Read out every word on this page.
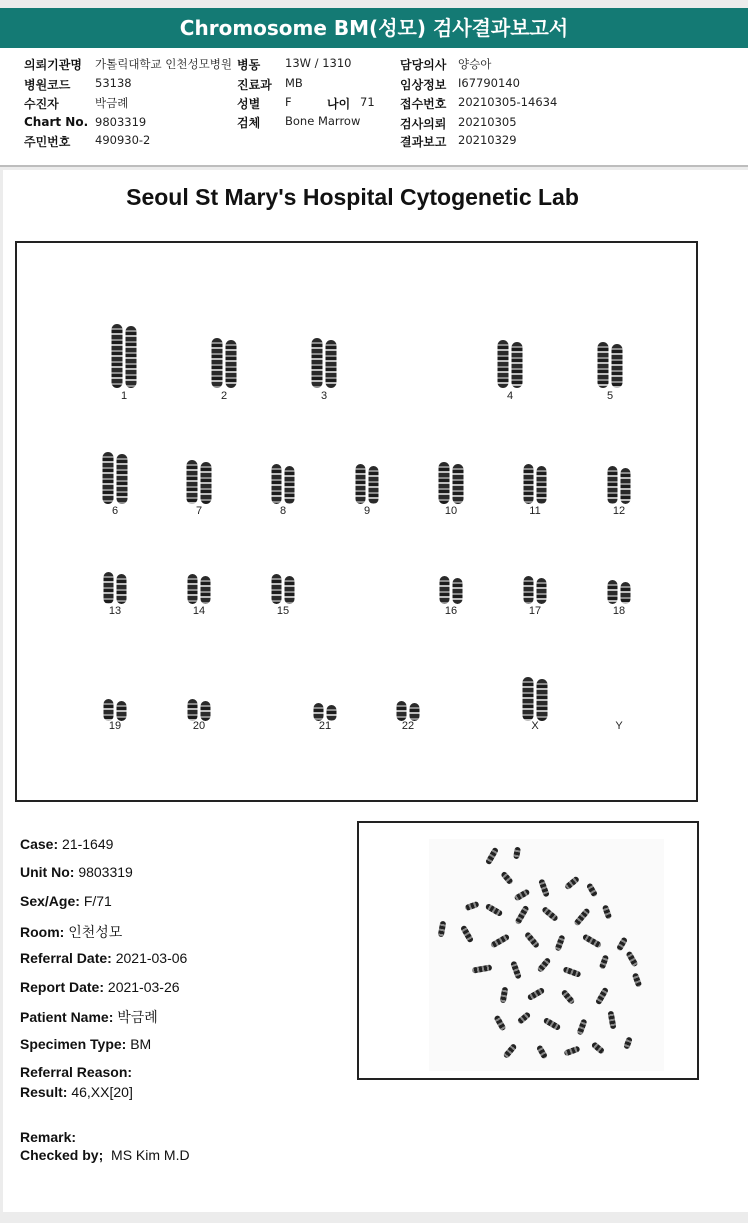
Chromosome BM(성모) 검사결과보고서
의뢰기관명 가톨릭대학교 인천성모병원
병원코드 53138
수진자	박금례
Chart No. 9803319
주민번호 490930-2
병동 13W / 1310
진료과 MB
성별 F	나이 71
검체 Bone Marrow
담당의사 양승아
임상정보 I67790140
접수번호 20210305-14634
검사의뢰 20210305
결과보고 20210329
Seoul St Mary's Hospital Cytogenetic Lab
1	2	3	4	5
6	7	8	9	10	11	12
13	14	15	16	17	18
19	20	21	22	X	Y
Case: 21-1649
Unit No: 9803319
Sex/Age: F/71
Room: 인천성모
Referral Date: 2021-03-06
Report Date: 2021-03-26
Patient Name: 박금례
Specimen Type: BM
Referral Reason:
Result: 46,XX[20]
Remark:
Checked by; MS Kim M.D
